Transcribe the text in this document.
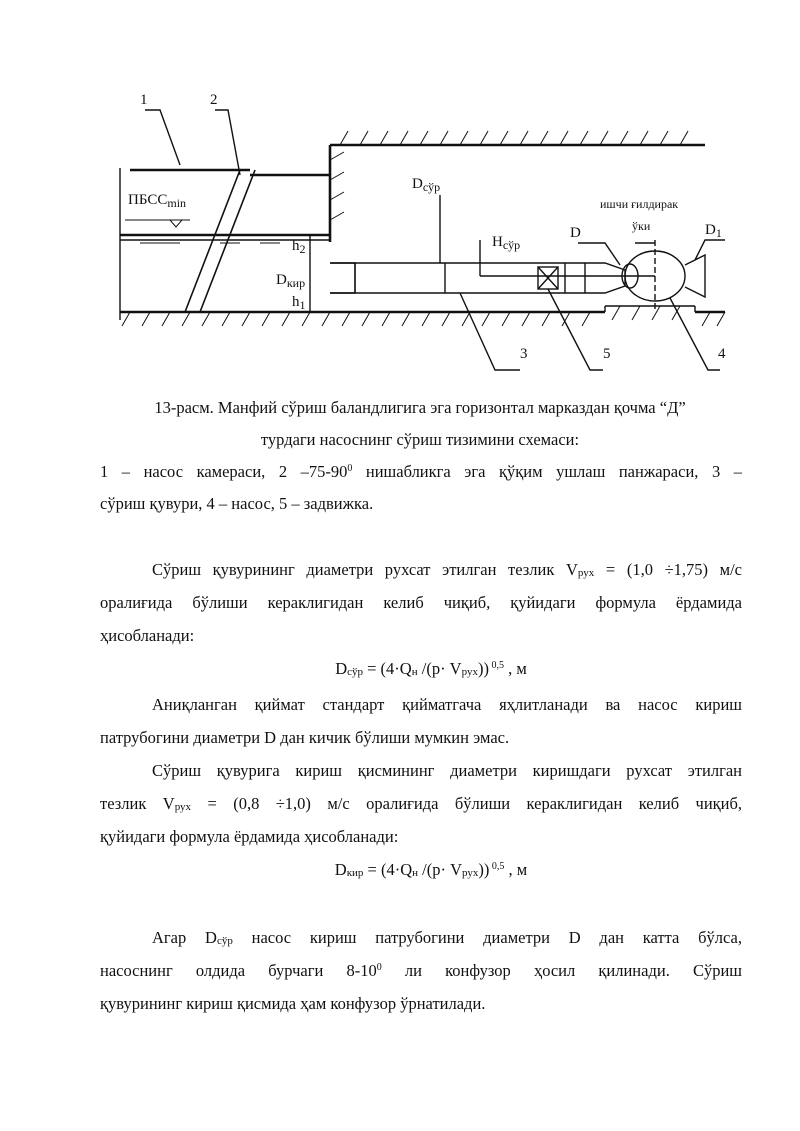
1	2
3	5	4
$ПБСС_{min}$
$D_{сўр}$
$H_{сўр}$
D	$D_1$
$h_2$
$D_{кир}$
$h_1$
ишчи ғилдирак
ўки
13-расм. Манфий сўриш баландлигига эга горизонтал марказдан қочма “Д”
турдаги насоснинг сўриш тизимини схемаси:
1 – насос камераси, 2 $-75-90^0$ нишабликга эга қўқим ушлаш панжараси, 3 –
сўриш қувури, 4 – насос, 5 – задвижка.
Сўриш қувурининг диаметри рухсат этилган тезлик $V_{рух} = (1,0 \div 1,75)$ м/с
оралиғида бўлиши кераклигидан келиб чиқиб, қуйидаги формула ёрдамида
ҳисобланади:
$D_{сўр} = (4\cdot Q_н$ $/(р\cdot V_{рух})$) $^{0,5}$ , м
Аниқланган қиймат стандарт қийматгача яҳлитланади ва насос кириш
патрубогини диаметри D дан кичик бўлиши мумкин эмас.
Сўриш қувурига кириш қисмининг диаметри киришдаги рухсат этилган
тезлик $V_{рух} = (0,8 \div 1,0)$ м/с оралиғида бўлиши кераклигидан келиб чиқиб,
қуйидаги формула ёрдамида ҳисобланади:
$D_{кир} = (4\cdot Q_н$ $/(р\cdot V_{рух})$) $^{0,5}$ , м
Агар $D_{сўр}$ насос кириш патрубогини диаметри D дан катта бўлса,
насоснинг олдида бурчаги $8-10^0$ ли конфузор ҳосил қилинади. Сўриш
қувурининг кириш қисмида ҳам конфузор ўрнатилади.
